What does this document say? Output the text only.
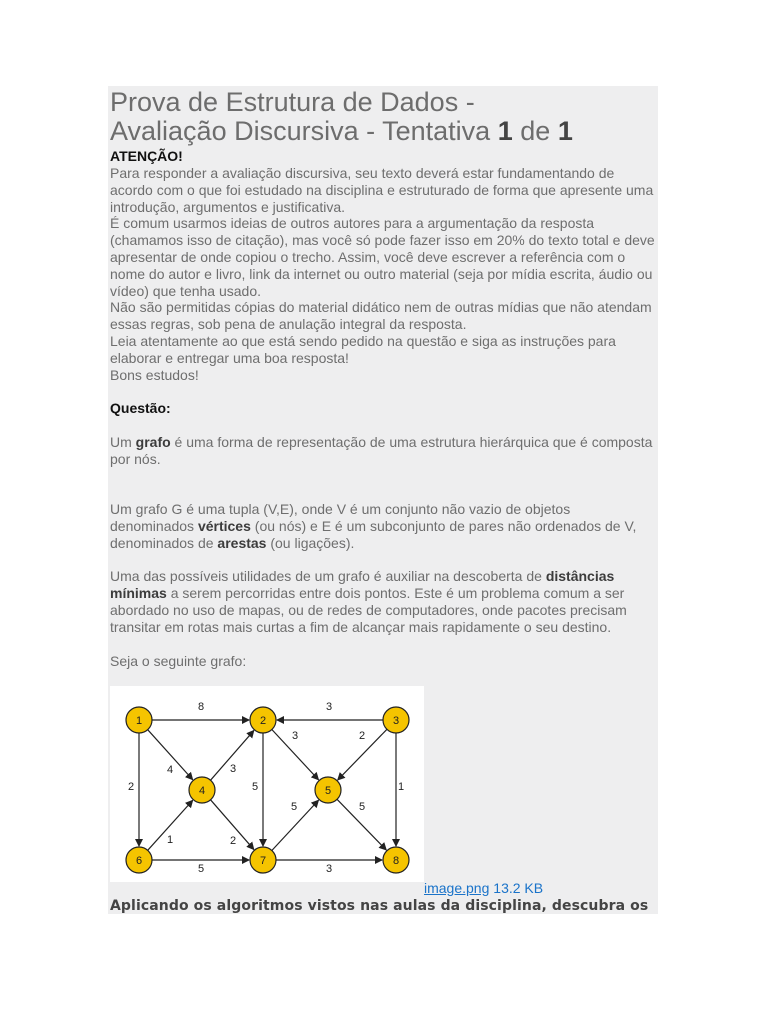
Prova de Estrutura de Dados -
Avaliação Discursiva - Tentativa 1 de 1
ATENÇÃO!

Para responder a avaliação discursiva, seu texto deverá estar fundamentando de acordo com o que foi estudado na disciplina e estruturado de forma que apresente uma introdução, argumentos e justificativa.

É comum usarmos ideias de outros autores para a argumentação da resposta (chamamos isso de citação), mas você só pode fazer isso em 20% do texto total e deve apresentar de onde copiou o trecho. Assim, você deve escrever a referência com o nome do autor e livro, link da internet ou outro material (seja por mídia escrita, áudio ou vídeo) que tenha usado.

Não são permitidas cópias do material didático nem de outras mídias que não atendam essas regras, sob pena de anulação integral da resposta.

Leia atentamente ao que está sendo pedido na questão e siga as instruções para elaborar e entregar uma boa resposta!

Bons estudos!

Questão:

Um grafo é uma forma de representação de uma estrutura hierárquica que é composta por nós.

Um grafo G é uma tupla (V,E), onde V é um conjunto não vazio de objetos denominados vértices (ou nós) e E é um subconjunto de pares não ordenados de V, denominados de arestas (ou ligações).

Uma das possíveis utilidades de um grafo é auxiliar na descoberta de distâncias mínimas a serem percorridas entre dois pontos. Este é um problema comum a ser abordado no uso de mapas, ou de redes de computadores, onde pacotes precisam transitar em rotas mais curtas a fim de alcançar mais rapidamente o seu destino.

Seja o seguinte grafo:

8	3
4	3
3	2
2	5
1	2
5	5
1
5	3
1	2	3
4	5
6	7	8
image.png 13.2 KB
Aplicando os algoritmos vistos nas aulas da disciplina, descubra os
